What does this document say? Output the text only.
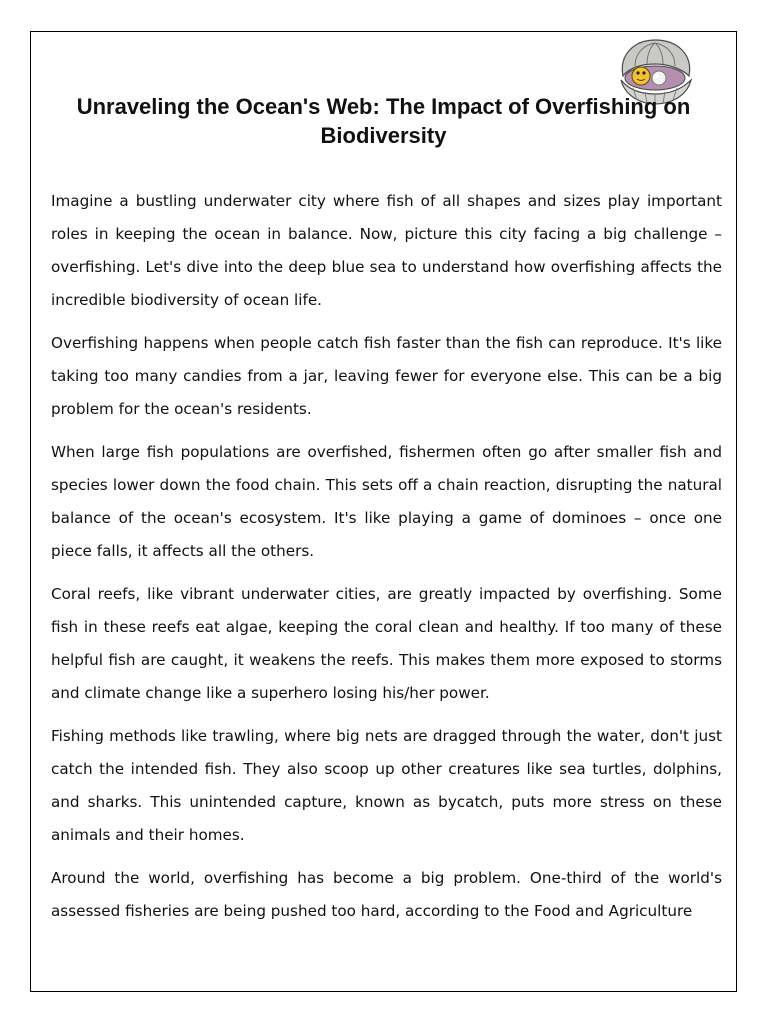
Unraveling the Ocean's Web: The Impact of Overfishing on Biodiversity

Imagine a bustling underwater city where fish of all shapes and sizes play important roles in keeping the ocean in balance. Now, picture this city facing a big challenge – overfishing. Let's dive into the deep blue sea to understand how overfishing affects the incredible biodiversity of ocean life.

Overfishing happens when people catch fish faster than the fish can reproduce. It's like taking too many candies from a jar, leaving fewer for everyone else. This can be a big problem for the ocean's residents.

When large fish populations are overfished, fishermen often go after smaller fish and species lower down the food chain. This sets off a chain reaction, disrupting the natural balance of the ocean's ecosystem. It's like playing a game of dominoes – once one piece falls, it affects all the others.

Coral reefs, like vibrant underwater cities, are greatly impacted by overfishing. Some fish in these reefs eat algae, keeping the coral clean and healthy. If too many of these helpful fish are caught, it weakens the reefs. This makes them more exposed to storms and climate change like a superhero losing his/her power.

Fishing methods like trawling, where big nets are dragged through the water, don't just catch the intended fish. They also scoop up other creatures like sea turtles, dolphins, and sharks. This unintended capture, known as bycatch, puts more stress on these animals and their homes.

Around the world, overfishing has become a big problem. One-third of the world's assessed fisheries are being pushed too hard, according to the Food and Agriculture
